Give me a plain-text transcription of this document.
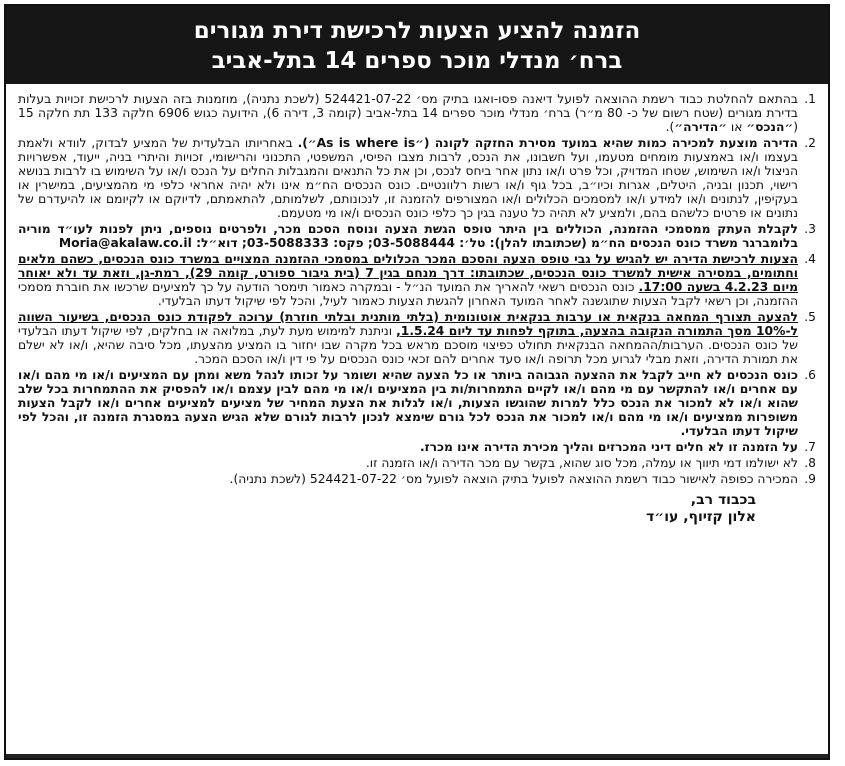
הזמנה להציע הצעות לרכישת דירת מגורים
ברח׳ מנדלי מוכר ספרים 14 בתל-אביב
1.
בהתאם להחלטת כבוד רשמת ההוצאה לפועל דיאנה פסו-ואגו בתיק מס׳ 524421-07-22 (לשכת נתניה), מוזמנות בזה הצעות לרכישת זכויות בעלות בדירת מגורים (שטח רשום של כ- 80 מ״ר) ברח׳ מנדלי מוכר ספרים 14 בתל-אביב (קומה 3, דירה 6), הידועה כגוש 6906 חלקה 133 תת חלקה 15 (״הנכס״ או ״הדירה״).
2.
הדירה מוצעת למכירה כמות שהיא במועד מסירת החזקה לקונה (״As is where is״). באחריותו הבלעדית של המציע לבדוק, לוודא ולאמת בעצמו ו/או באמצעות מומחים מטעמו, ועל חשבונו, את הנכס, לרבות מצבו הפיסי, המשפטי, התכנוני והרישומי, זכויות והיתרי בניה, ייעוד, אפשרויות הניצול ו/או השימוש, שטחו המדויק, וכל פרט ו/או נתון אחר ביחס לנכס, וכן את כל התנאים והמגבלות החלים על הנכס ו/או על השימוש בו לרבות בנושא רישוי, תכנון ובניה, היטלים, אגרות וכיו״ב, בכל גוף ו/או רשות רלוונטיים. כונס הנכסים הח״מ אינו ולא יהיה אחראי כלפי מי מהמציעים, במישרין או בעקיפין, לנתונים ו/או למידע ו/או למסמכים הכלולים ו/או המצורפים להזמנה זו, לנכונותם, לשלמותם, להתאמתם, לדיוקם או לקיומם או להיעדרם של נתונים או פרטים כלשהם בהם, ולמציע לא תהיה כל טענה בגין כך כלפי כונס הנכסים ו/או מי מטעמם.
3.
לקבלת העתק ממסמכי ההזמנה, הכוללים בין היתר טופס הגשת הצעה ונוסח הסכם מכר, ולפרטים נוספים, ניתן לפנות לעו״ד מוריה בלומברגר משרד כונס הנכסים הח״מ (שכתובתו להלן): טל׳: 03-5088444; פקס: 03-5088333; דוא״ל: Moria@akalaw.co.il
4.
הצעות לרכישת הדירה יש להגיש על גבי טופס הצעה והסכם המכר הכלולים במסמכי ההזמנה המצויים במשרד כונס הנכסים, כשהם מלאים וחתומים, במסירה אישית למשרד כונס הנכסים, שכתובתו: דרך מנחם בגין 7 (בית גיבור ספורט, קומה 29), רמת-גן, וזאת עד ולא יאוחר מיום 4.2.23 בשעה 17:00. כונס הנכסים רשאי להאריך את המועד הנ״ל - ובמקרה כאמור תימסר הודעה על כך למציעים שרכשו את חוברת מסמכי ההזמנה, וכן רשאי לקבל הצעות שתוגשנה לאחר המועד האחרון להגשת הצעות כאמור לעיל, והכל לפי שיקול דעתו הבלעדי.
5.
להצעה תצורף המחאה בנקאית או ערבות בנקאית אוטונומית (בלתי מותנית ובלתי חוזרת) ערוכה לפקודת כונס הנכסים, בשיעור השווה ל-10% מסך התמורה הנקובה בהצעה, בתוקף לפחות עד ליום 1.5.24, וניתנת למימוש מעת לעת, במלואה או בחלקים, לפי שיקול דעתו הבלעדי של כונס הנכסים. הערבות/ההמחאה הבנקאית תחולט כפיצוי מוסכם מראש בכל מקרה שבו יחזור בו המציע מהצעתו, מכל סיבה שהיא, ו/או לא ישלם את תמורת הדירה, וזאת מבלי לגרוע מכל תרופה ו/או סעד אחרים להם זכאי כונס הנכסים על פי דין ו/או הסכם המכר.
6.
כונס הנכסים לא חייב לקבל את ההצעה הגבוהה ביותר או כל הצעה שהיא ושומר על זכותו לנהל משא ומתן עם המציעים ו/או מי מהם ו/או עם אחרים ו/או להתקשר עם מי מהם ו/או לקיים התמחרות/ות בין המציעים ו/או מי מהם לבין עצמם ו/או להפסיק את ההתמחרות בכל שלב שהוא ו/או לא למכור את הנכס כלל למרות שהוגשו הצעות, ו/או לגלות את הצעת המחיר של מציעים למציעים אחרים ו/או לקבל הצעות משופרות ממציעים ו/או מי מהם ו/או למכור את הנכס לכל גורם שימצא לנכון לרבות לגורם שלא הגיש הצעה במסגרת הזמנה זו, והכל לפי שיקול דעתו הבלעדי.
7.
על הזמנה זו לא חלים דיני המכרזים והליך מכירת הדירה אינו מכרז.
8.
לא ישולמו דמי תיווך או עמלה, מכל סוג שהוא, בקשר עם מכר הדירה ו/או הזמנה זו.
9.
המכירה כפופה לאישור כבוד רשמת ההוצאה לפועל בתיק הוצאה לפועל מס׳ 524421-07-22 (לשכת נתניה).
בכבוד רב,
אלון קזיוף, עו״ד
